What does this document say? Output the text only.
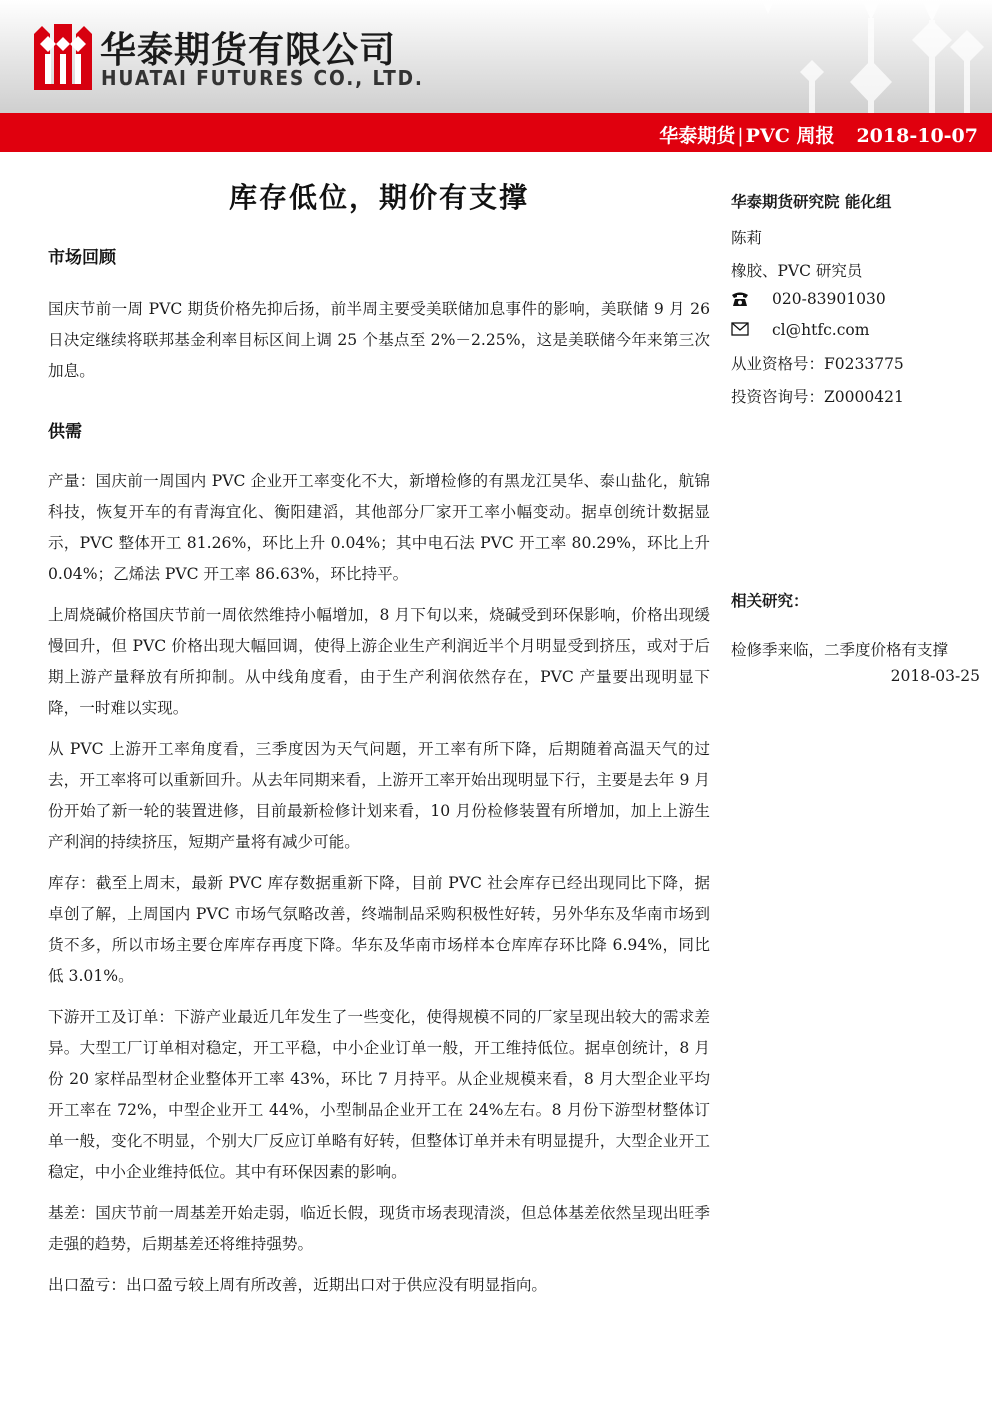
华泰期货有限公司
HUATAI FUTURES CO., LTD.
华泰期货 | PVC 周报 2018-10-07
库存低位，期价有支撑
市场回顾

国庆节前一周 PVC 期货价格先抑后扬，前半周主要受美联储加息事件的影响，美联储 9 月 26 日决定继续将联邦基金利率目标区间上调 25 个基点至 2%－2.25%，这是美联储今年来第三次加息。

供需

产量：国庆前一周国内 PVC 企业开工率变化不大，新增检修的有黑龙江昊华、泰山盐化，航锦科技，恢复开车的有青海宜化、衡阳建滔，其他部分厂家开工率小幅变动。据卓创统计数据显示，PVC 整体开工 81.26%，环比上升 0.04%；其中电石法 PVC 开工率 80.29%，环比上升 0.04%；乙烯法 PVC 开工率 86.63%，环比持平。

上周烧碱价格国庆节前一周依然维持小幅增加，8 月下旬以来，烧碱受到环保影响，价格出现缓慢回升，但 PVC 价格出现大幅回调，使得上游企业生产利润近半个月明显受到挤压，或对于后期上游产量释放有所抑制。从中线角度看，由于生产利润依然存在，PVC 产量要出现明显下降，一时难以实现。

从 PVC 上游开工率角度看，三季度因为天气问题，开工率有所下降，后期随着高温天气的过去，开工率将可以重新回升。从去年同期来看，上游开工率开始出现明显下行，主要是去年 9 月份开始了新一轮的装置进修，目前最新检修计划来看，10 月份检修装置有所增加，加上上游生产利润的持续挤压，短期产量将有减少可能。

库存：截至上周末，最新 PVC 库存数据重新下降，目前 PVC 社会库存已经出现同比下降，据卓创了解，上周国内 PVC 市场气氛略改善，终端制品采购积极性好转，另外华东及华南市场到货不多，所以市场主要仓库库存再度下降。华东及华南市场样本仓库库存环比降 6.94%，同比低 3.01%。

下游开工及订单：下游产业最近几年发生了一些变化，使得规模不同的厂家呈现出较大的需求差异。大型工厂订单相对稳定，开工平稳，中小企业订单一般，开工维持低位。据卓创统计，8 月份 20 家样品型材企业整体开工率 43%，环比 7 月持平。从企业规模来看，8 月大型企业平均开工率在 72%，中型企业开工 44%，小型制品企业开工在 24%左右。8 月份下游型材整体订单一般，变化不明显，个别大厂反应订单略有好转，但整体订单并未有明显提升，大型企业开工稳定，中小企业维持低位。其中有环保因素的影响。

基差：国庆节前一周基差开始走弱，临近长假，现货市场表现清淡，但总体基差依然呈现出旺季走强的趋势，后期基差还将维持强势。

出口盈亏：出口盈亏较上周有所改善，近期出口对于供应没有明显指向。

华泰期货研究院 能化组
陈莉
橡胶、PVC 研究员
020-83901030
cl@htfc.com
从业资格号：F0233775
投资咨询号：Z0000421
相关研究：
检修季来临，二季度价格有支撑
2018-03-25
